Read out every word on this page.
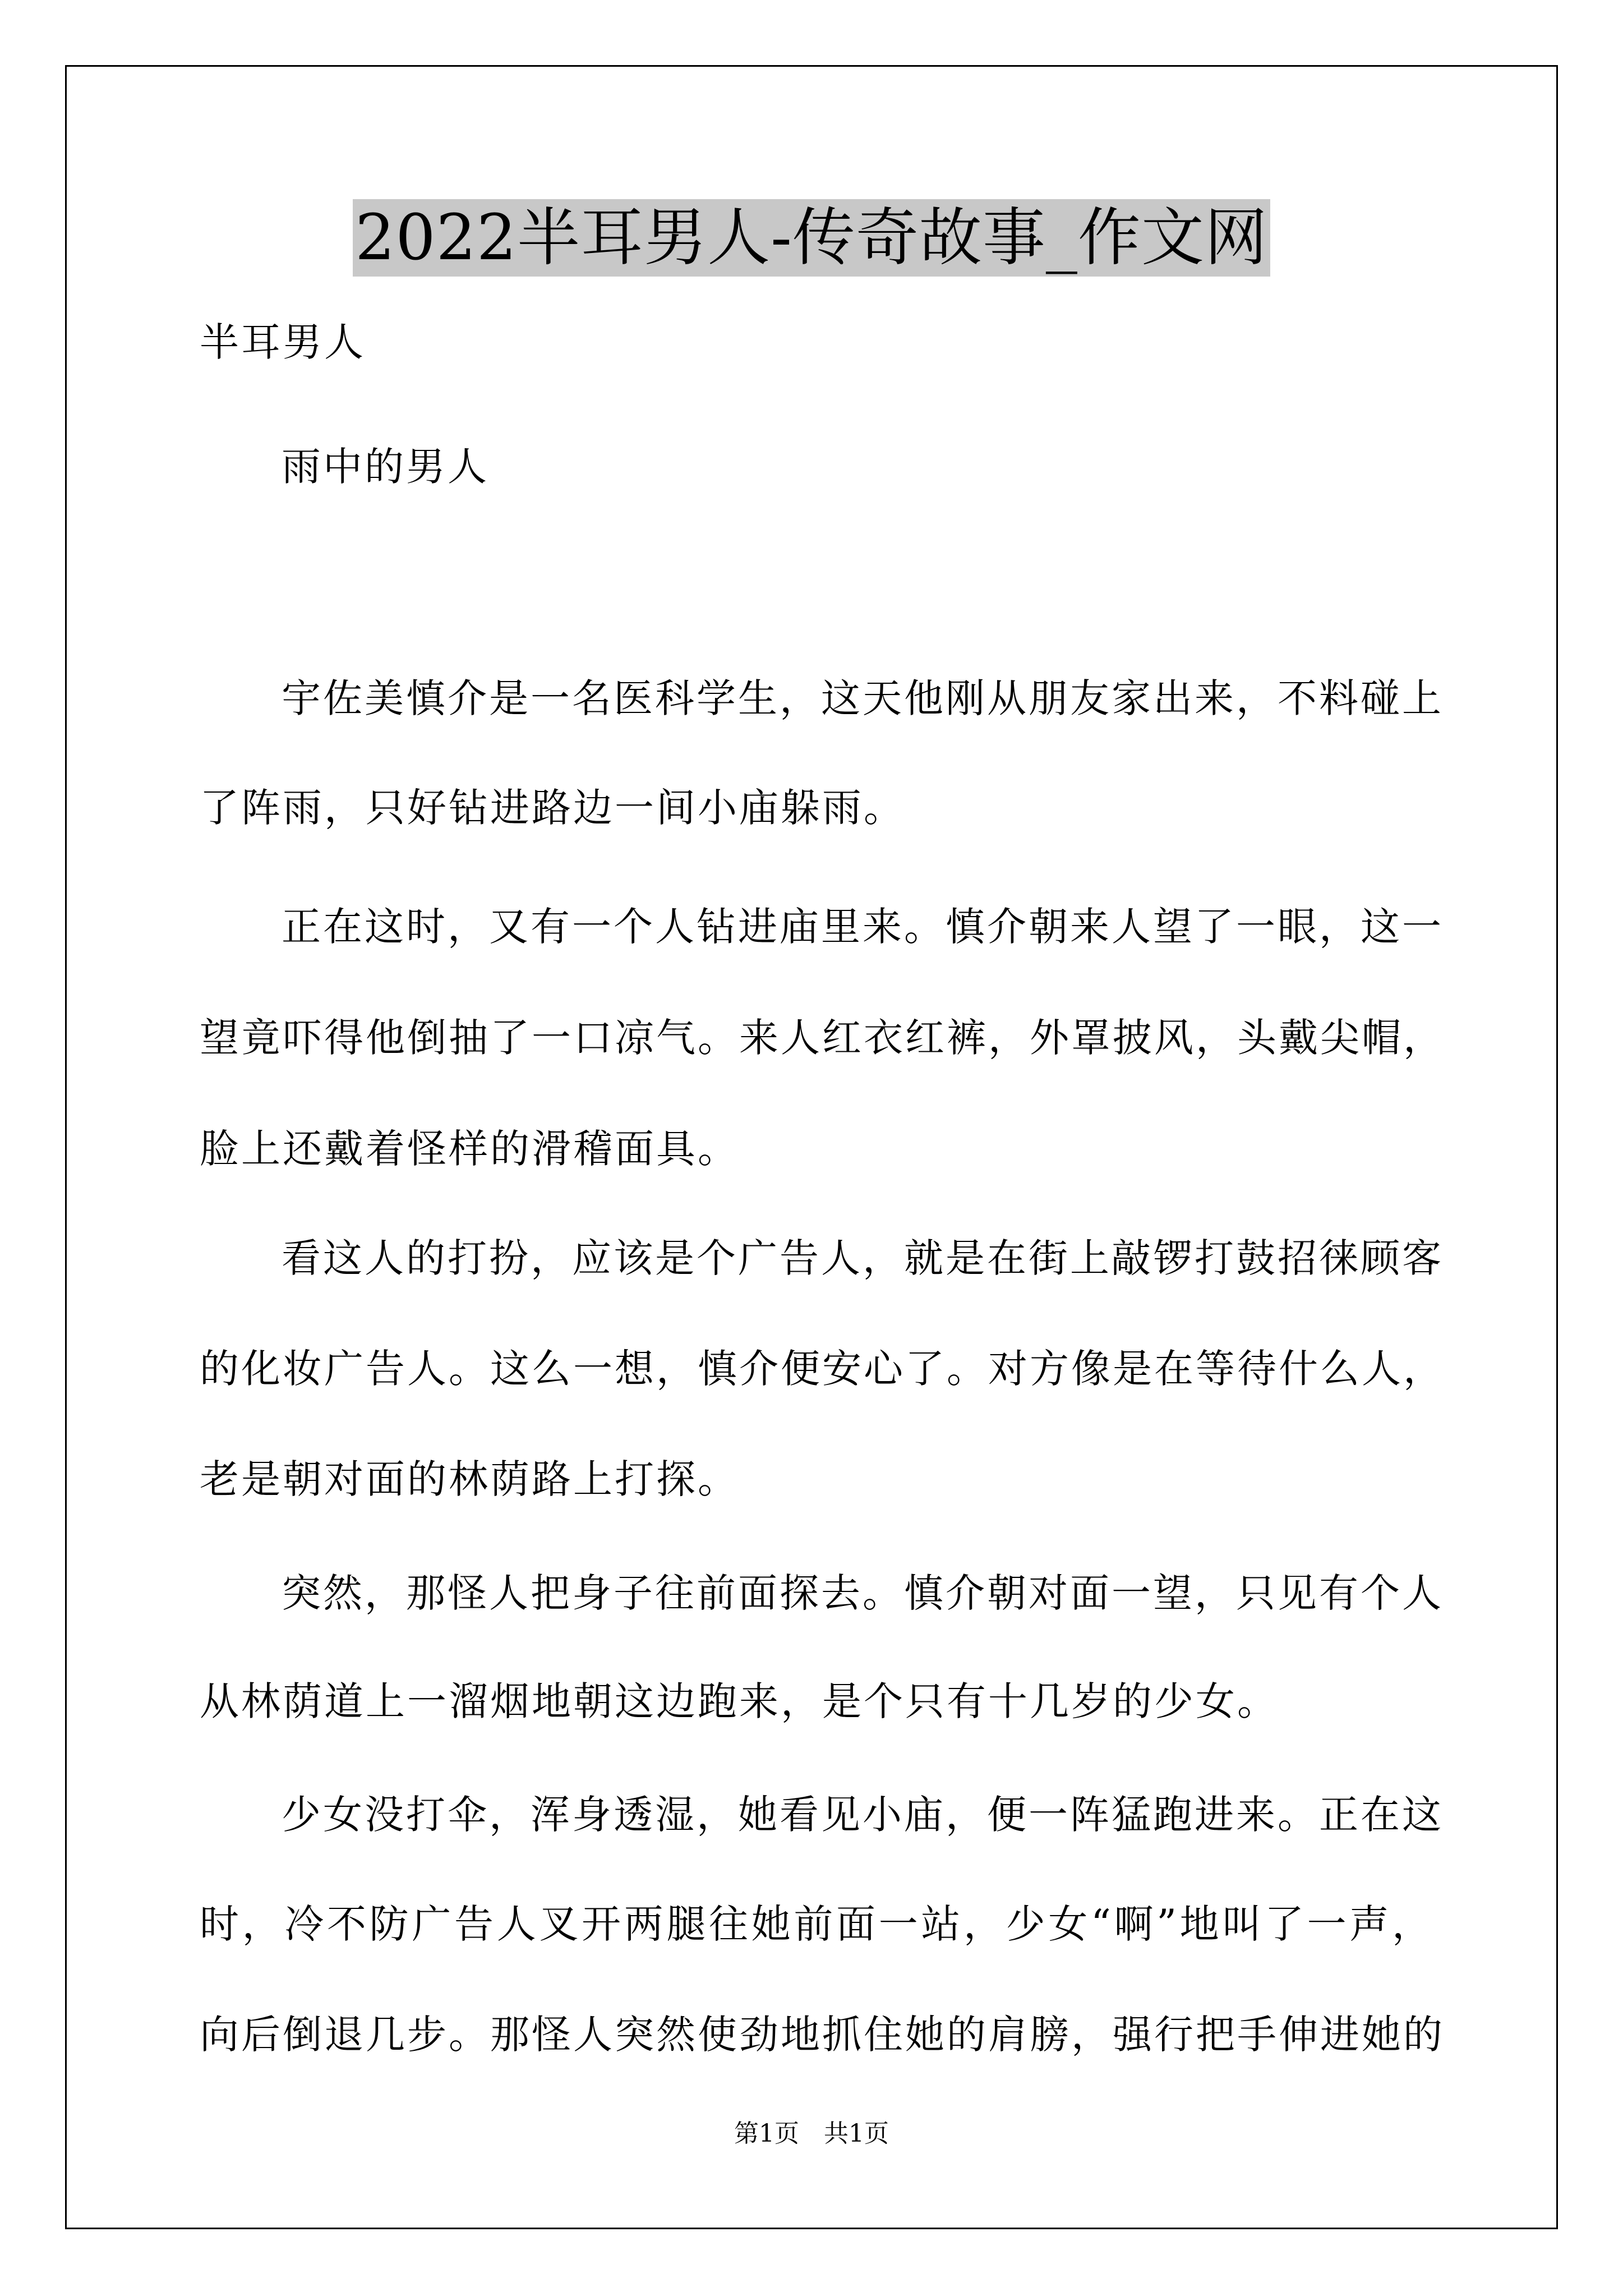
2022半耳男人-传奇故事_作文网
半耳男人
雨中的男人
宇佐美慎介是一名医科学生，这天他刚从朋友家出来，不料碰上
了阵雨，只好钻进路边一间小庙躲雨。
正在这时，又有一个人钻进庙里来。慎介朝来人望了一眼，这一
望竟吓得他倒抽了一口凉气。来人红衣红裤，外罩披风，头戴尖帽，
脸上还戴着怪样的滑稽面具。
看这人的打扮，应该是个广告人，就是在街上敲锣打鼓招徕顾客
的化妆广告人。这么一想，慎介便安心了。对方像是在等待什么人，
老是朝对面的林荫路上打探。
突然，那怪人把身子往前面探去。慎介朝对面一望，只见有个人
从林荫道上一溜烟地朝这边跑来，是个只有十几岁的少女。
少女没打伞，浑身透湿，她看见小庙，便一阵猛跑进来。正在这
时，冷不防广告人叉开两腿往她前面一站，少女“啊”地叫了一声，
向后倒退几步。那怪人突然使劲地抓住她的肩膀，强行把手伸进她的
第1页　共1页
